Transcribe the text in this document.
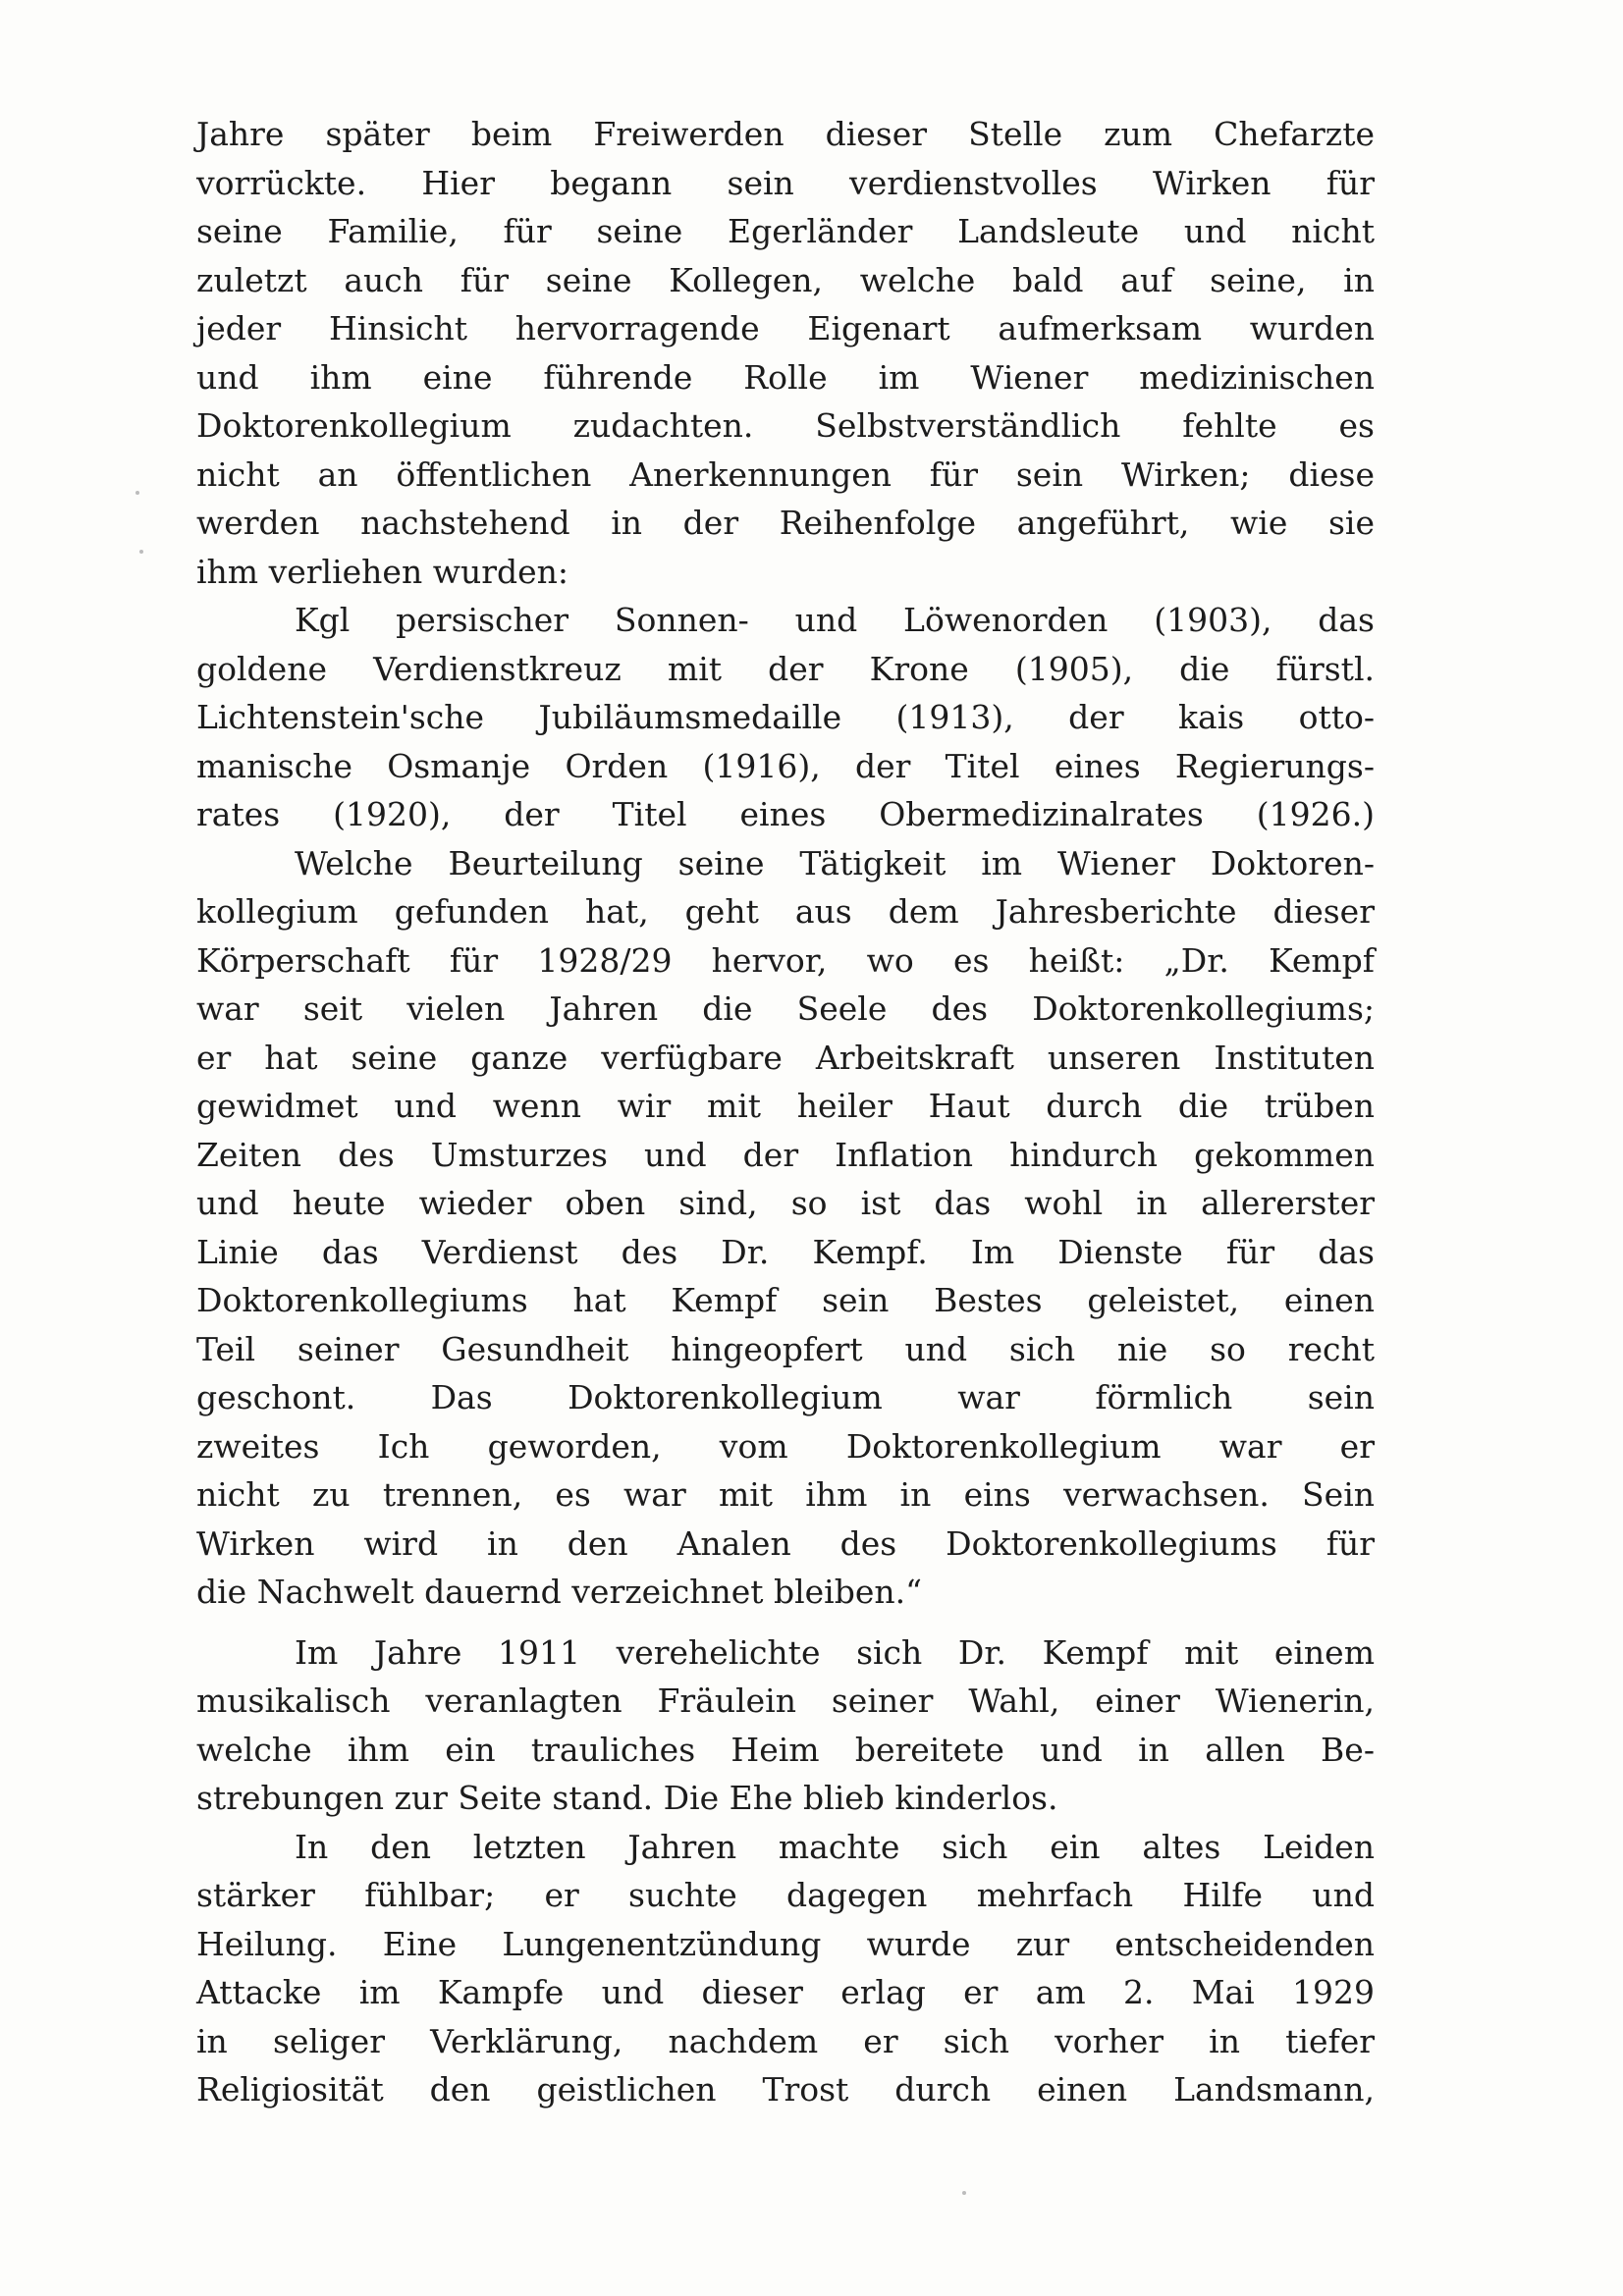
Jahre später beim Freiwerden dieser Stelle zum Chefarzte
vorrückte. Hier begann sein verdienstvolles Wirken für
seine Familie, für seine Egerländer Landsleute und nicht
zuletzt auch für seine Kollegen, welche bald auf seine, in
jeder Hinsicht hervorragende Eigenart aufmerksam wurden
und ihm eine führende Rolle im Wiener medizinischen
Doktorenkollegium zudachten. Selbstverständlich fehlte es
nicht an öffentlichen Anerkennungen für sein Wirken; diese
werden nachstehend in der Reihenfolge angeführt, wie sie
ihm verliehen wurden:
Kgl persischer Sonnen- und Löwenorden (1903), das
goldene Verdienstkreuz mit der Krone (1905), die fürstl.
Lichtenstein'sche Jubiläumsmedaille (1913), der kais otto-
manische Osmanje Orden (1916), der Titel eines Regierungs-
rates (1920), der Titel eines Obermedizinalrates (1926.)
Welche Beurteilung seine Tätigkeit im Wiener Doktoren-
kollegium gefunden hat, geht aus dem Jahresberichte dieser
Körperschaft für 1928/29 hervor, wo es heißt: „Dr. Kempf
war seit vielen Jahren die Seele des Doktorenkollegiums;
er hat seine ganze verfügbare Arbeitskraft unseren Instituten
gewidmet und wenn wir mit heiler Haut durch die trüben
Zeiten des Umsturzes und der Inflation hindurch gekommen
und heute wieder oben sind, so ist das wohl in allererster
Linie das Verdienst des Dr. Kempf. Im Dienste für das
Doktorenkollegiums hat Kempf sein Bestes geleistet, einen
Teil seiner Gesundheit hingeopfert und sich nie so recht
geschont. Das Doktorenkollegium war förmlich sein
zweites Ich geworden, vom Doktorenkollegium war er
nicht zu trennen, es war mit ihm in eins verwachsen. Sein
Wirken wird in den Analen des Doktorenkollegiums für
die Nachwelt dauernd verzeichnet bleiben.“
Im Jahre 1911 verehelichte sich Dr. Kempf mit einem
musikalisch veranlagten Fräulein seiner Wahl, einer Wienerin,
welche ihm ein trauliches Heim bereitete und in allen Be-
strebungen zur Seite stand. Die Ehe blieb kinderlos.
In den letzten Jahren machte sich ein altes Leiden
stärker fühlbar; er suchte dagegen mehrfach Hilfe und
Heilung. Eine Lungenentzündung wurde zur entscheidenden
Attacke im Kampfe und dieser erlag er am 2. Mai 1929
in seliger Verklärung, nachdem er sich vorher in tiefer
Religiosität den geistlichen Trost durch einen Landsmann,
